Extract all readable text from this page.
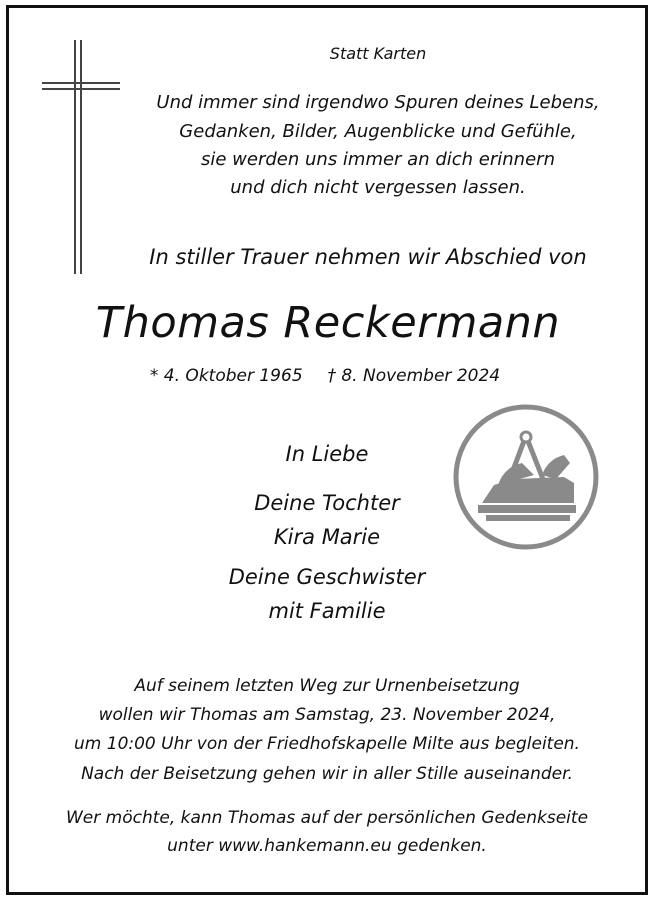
Statt Karten
Und immer sind irgendwo Spuren deines Lebens,
Gedanken, Bilder, Augenblicke und Gefühle,
sie werden uns immer an dich erinnern
und dich nicht vergessen lassen.
In stiller Trauer nehmen wir Abschied von
Thomas Reckermann
* 4. Oktober 1965 † 8. November 2024
In Liebe
Deine Tochter
Kira Marie
Deine Geschwister
mit Familie
Auf seinem letzten Weg zur Urnenbeisetzung
wollen wir Thomas am Samstag, 23. November 2024,
um 10:00 Uhr von der Friedhofskapelle Milte aus begleiten.
Nach der Beisetzung gehen wir in aller Stille auseinander.
Wer möchte, kann Thomas auf der persönlichen Gedenkseite
unter www.hankemann.eu gedenken.
